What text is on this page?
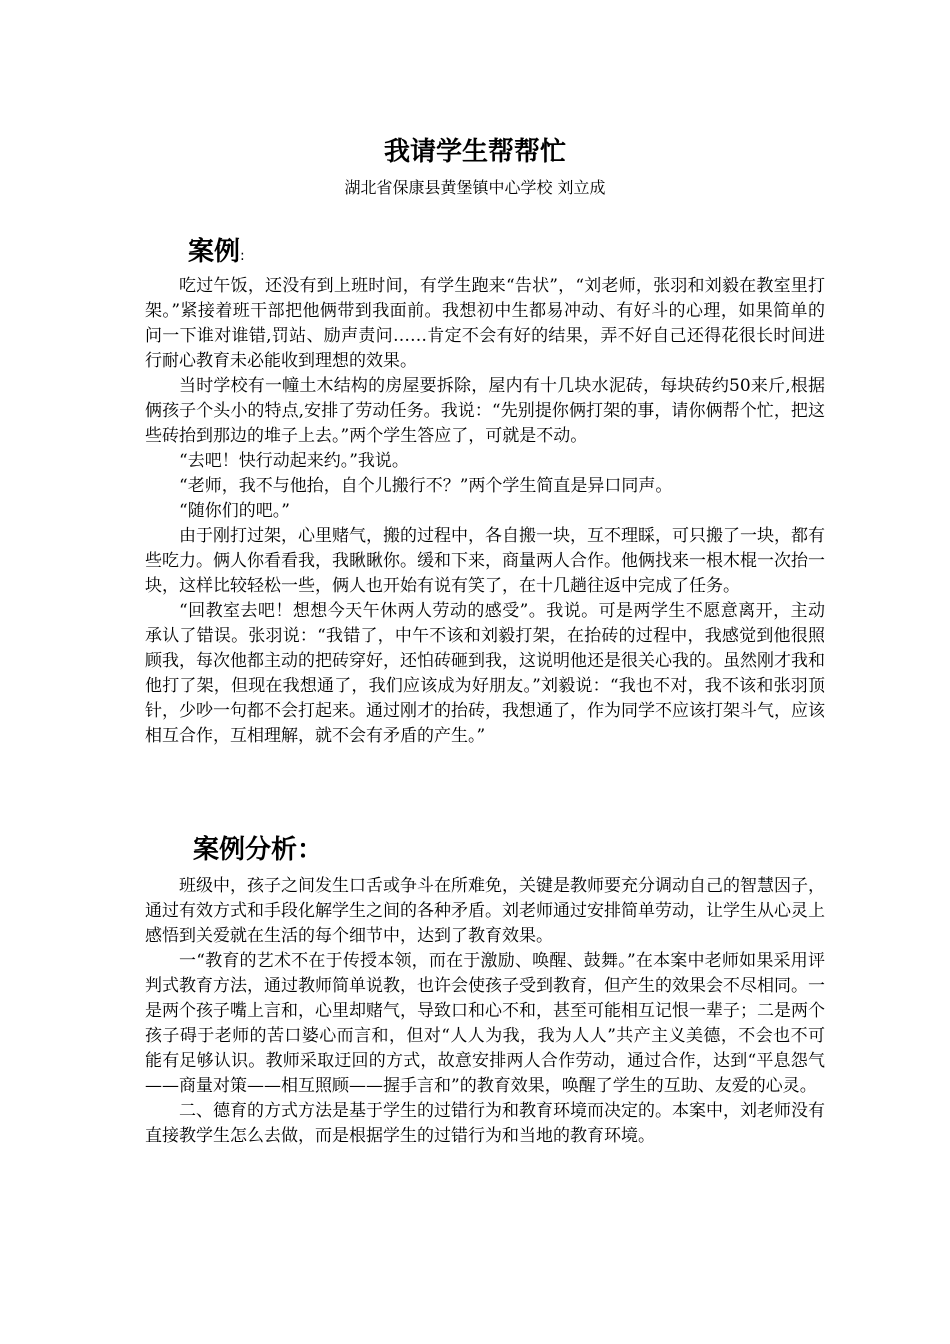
我请学生帮帮忙
湖北省保康县黄堡镇中心学校 刘立成
案例:

吃过午饭，还没有到上班时间，有学生跑来“告状”，“刘老师，张羽和刘毅在教室里打架。”紧接着班干部把他俩带到我面前。我想初中生都易冲动、有好斗的心理，如果简单的问一下谁对谁错,罚站、励声责问……肯定不会有好的结果，弄不好自己还得花很长时间进行耐心教育未必能收到理想的效果。

当时学校有一幢土木结构的房屋要拆除，屋内有十几块水泥砖，每块砖约50来斤,根据俩孩子个头小的特点,安排了劳动任务。我说：“先别提你俩打架的事，请你俩帮个忙，把这些砖抬到那边的堆子上去。”两个学生答应了，可就是不动。

“去吧！快行动起来约。”我说。

“老师，我不与他抬，自个儿搬行不？”两个学生简直是异口同声。

“随你们的吧。”

由于刚打过架，心里赌气，搬的过程中，各自搬一块，互不理睬，可只搬了一块，都有些吃力。俩人你看看我，我瞅瞅你。缓和下来，商量两人合作。他俩找来一根木棍一次抬一块，这样比较轻松一些，俩人也开始有说有笑了，在十几趟往返中完成了任务。

“回教室去吧！想想今天午休两人劳动的感受”。我说。可是两学生不愿意离开，主动承认了错误。张羽说：“我错了，中午不该和刘毅打架，在抬砖的过程中，我感觉到他很照顾我，每次他都主动的把砖穿好，还怕砖砸到我，这说明他还是很关心我的。虽然刚才我和他打了架，但现在我想通了，我们应该成为好朋友。”刘毅说：“我也不对，我不该和张羽顶针，少吵一句都不会打起来。通过刚才的抬砖，我想通了，作为同学不应该打架斗气，应该相互合作，互相理解，就不会有矛盾的产生。”

案例分析：

班级中，孩子之间发生口舌或争斗在所难免，关键是教师要充分调动自己的智慧因子，通过有效方式和手段化解学生之间的各种矛盾。刘老师通过安排简单劳动，让学生从心灵上感悟到关爱就在生活的每个细节中，达到了教育效果。

一“教育的艺术不在于传授本领，而在于激励、唤醒、鼓舞。”在本案中老师如果采用评判式教育方法，通过教师简单说教，也许会使孩子受到教育，但产生的效果会不尽相同。一是两个孩子嘴上言和，心里却赌气，导致口和心不和，甚至可能相互记恨一辈子；二是两个孩子碍于老师的苦口婆心而言和，但对“人人为我，我为人人”共产主义美德，不会也不可能有足够认识。教师采取迂回的方式，故意安排两人合作劳动，通过合作，达到“平息怨气——商量对策——相互照顾——握手言和”的教育效果，唤醒了学生的互助、友爱的心灵。

二、德育的方式方法是基于学生的过错行为和教育环境而决定的。本案中，刘老师没有直接教学生怎么去做，而是根据学生的过错行为和当地的教育环境。
